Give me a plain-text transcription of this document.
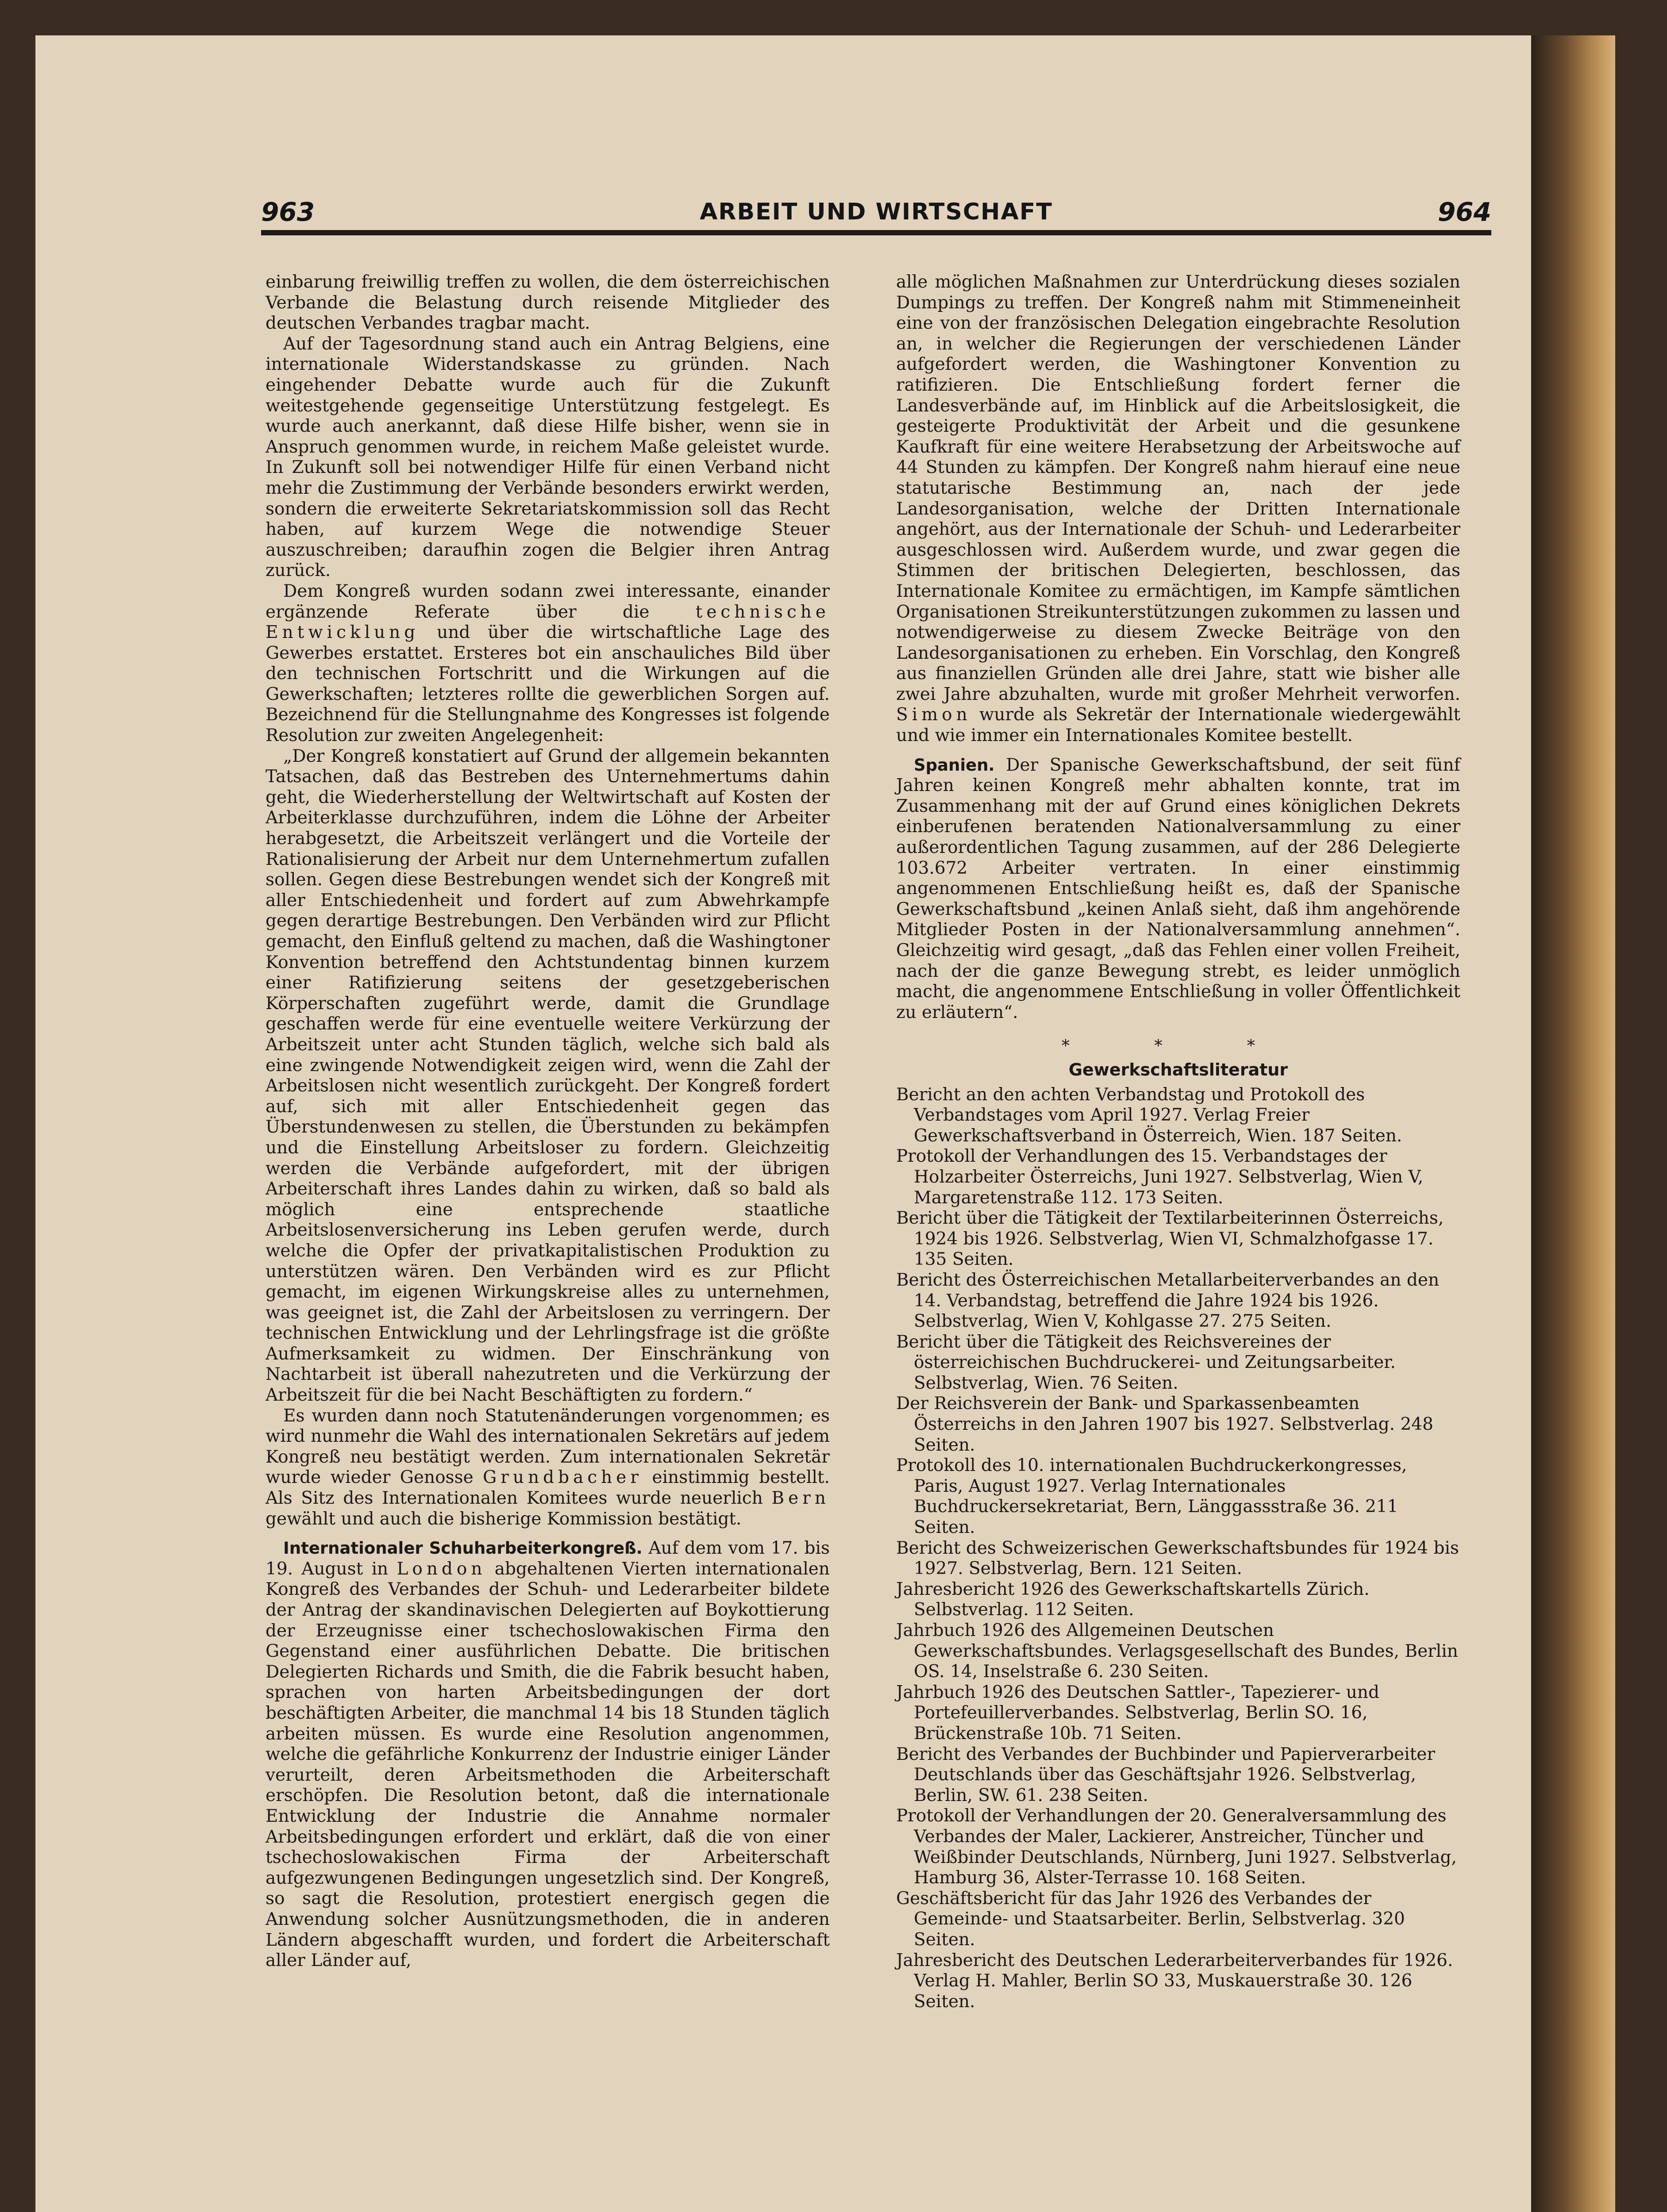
963	ARBEIT UND WIRTSCHAFT	964

einbarung freiwillig treffen zu wollen, die dem österreichischen Verbande die Belastung durch reisende Mitglieder des deutschen Verbandes tragbar macht.

Auf der Tagesordnung stand auch ein Antrag Belgiens, eine internationale Widerstandskasse zu gründen. Nach eingehender Debatte wurde auch für die Zukunft weitestgehende gegenseitige Unterstützung festgelegt. Es wurde auch anerkannt, daß diese Hilfe bisher, wenn sie in Anspruch genommen wurde, in reichem Maße geleistet wurde. In Zukunft soll bei notwendiger Hilfe für einen Verband nicht mehr die Zustimmung der Verbände besonders erwirkt werden, sondern die erweiterte Sekretariatskommission soll das Recht haben, auf kurzem Wege die notwendige Steuer auszuschreiben; daraufhin zogen die Belgier ihren Antrag zurück.

Dem Kongreß wurden sodann zwei interessante, einander ergänzende Referate über die technische Entwicklung und über die wirtschaftliche Lage des Gewerbes erstattet. Ersteres bot ein anschauliches Bild über den technischen Fortschritt und die Wirkungen auf die Gewerkschaften; letzteres rollte die gewerblichen Sorgen auf. Bezeichnend für die Stellungnahme des Kongresses ist folgende Resolution zur zweiten Angelegenheit:

„Der Kongreß konstatiert auf Grund der allgemein bekannten Tatsachen, daß das Bestreben des Unternehmertums dahin geht, die Wiederherstellung der Weltwirtschaft auf Kosten der Arbeiterklasse durchzuführen, indem die Löhne der Arbeiter herabgesetzt, die Arbeitszeit verlängert und die Vorteile der Rationalisierung der Arbeit nur dem Unternehmertum zufallen sollen. Gegen diese Bestrebungen wendet sich der Kongreß mit aller Entschiedenheit und fordert auf zum Abwehrkampfe gegen derartige Bestrebungen. Den Verbänden wird zur Pflicht gemacht, den Einfluß geltend zu machen, daß die Washingtoner Konvention betreffend den Achtstundentag binnen kurzem einer Ratifizierung seitens der gesetzgeberischen Körperschaften zugeführt werde, damit die Grundlage geschaffen werde für eine eventuelle weitere Verkürzung der Arbeitszeit unter acht Stunden täglich, welche sich bald als eine zwingende Notwendigkeit zeigen wird, wenn die Zahl der Arbeitslosen nicht wesentlich zurückgeht. Der Kongreß fordert auf, sich mit aller Entschiedenheit gegen das Überstundenwesen zu stellen, die Überstunden zu bekämpfen und die Einstellung Arbeitsloser zu fordern. Gleichzeitig werden die Verbände aufgefordert, mit der übrigen Arbeiterschaft ihres Landes dahin zu wirken, daß so bald als möglich eine entsprechende staatliche Arbeitslosenversicherung ins Leben gerufen werde, durch welche die Opfer der privatkapitalistischen Produktion zu unterstützen wären. Den Verbänden wird es zur Pflicht gemacht, im eigenen Wirkungskreise alles zu unternehmen, was geeignet ist, die Zahl der Arbeitslosen zu verringern. Der technischen Entwicklung und der Lehrlingsfrage ist die größte Aufmerksamkeit zu widmen. Der Einschränkung von Nachtarbeit ist überall nahezutreten und die Verkürzung der Arbeitszeit für die bei Nacht Beschäftigten zu fordern.“

Es wurden dann noch Statutenänderungen vorgenommen; es wird nunmehr die Wahl des internationalen Sekretärs auf jedem Kongreß neu bestätigt werden. Zum internationalen Sekretär wurde wieder Genosse Grundbacher einstimmig bestellt. Als Sitz des Internationalen Komitees wurde neuerlich Bern gewählt und auch die bisherige Kommission bestätigt.

Internationaler Schuharbeiterkongreß. Auf dem vom 17. bis 19. August in London abgehaltenen Vierten internationalen Kongreß des Verbandes der Schuh- und Lederarbeiter bildete der Antrag der skandinavischen Delegierten auf Boykottierung der Erzeugnisse einer tschechoslowakischen Firma den Gegenstand einer ausführlichen Debatte. Die britischen Delegierten Richards und Smith, die die Fabrik besucht haben, sprachen von harten Arbeitsbedingungen der dort beschäftigten Arbeiter, die manchmal 14 bis 18 Stunden täglich arbeiten müssen. Es wurde eine Resolution angenommen, welche die gefährliche Konkurrenz der Industrie einiger Länder verurteilt, deren Arbeitsmethoden die Arbeiterschaft erschöpfen. Die Resolution betont, daß die internationale Entwicklung der Industrie die Annahme normaler Arbeitsbedingungen erfordert und erklärt, daß die von einer tschechoslowakischen Firma der Arbeiterschaft aufgezwungenen Bedingungen ungesetzlich sind. Der Kongreß, so sagt die Resolution, protestiert energisch gegen die Anwendung solcher Ausnützungsmethoden, die in anderen Ländern abgeschafft wurden, und fordert die Arbeiterschaft aller Länder auf,

alle möglichen Maßnahmen zur Unterdrückung dieses sozialen Dumpings zu treffen. Der Kongreß nahm mit Stimmeneinheit eine von der französischen Delegation eingebrachte Resolution an, in welcher die Regierungen der verschiedenen Länder aufgefordert werden, die Washingtoner Konvention zu ratifizieren. Die Entschließung fordert ferner die Landesverbände auf, im Hinblick auf die Arbeitslosigkeit, die gesteigerte Produktivität der Arbeit und die gesunkene Kaufkraft für eine weitere Herabsetzung der Arbeitswoche auf 44 Stunden zu kämpfen. Der Kongreß nahm hierauf eine neue statutarische Bestimmung an, nach der jede Landesorganisation, welche der Dritten Internationale angehört, aus der Internationale der Schuh- und Lederarbeiter ausgeschlossen wird. Außerdem wurde, und zwar gegen die Stimmen der britischen Delegierten, beschlossen, das Internationale Komitee zu ermächtigen, im Kampfe sämtlichen Organisationen Streikunterstützungen zukommen zu lassen und notwendigerweise zu diesem Zwecke Beiträge von den Landesorganisationen zu erheben. Ein Vorschlag, den Kongreß aus finanziellen Gründen alle drei Jahre, statt wie bisher alle zwei Jahre abzuhalten, wurde mit großer Mehrheit verworfen. Simon wurde als Sekretär der Internationale wiedergewählt und wie immer ein Internationales Komitee bestellt.

Spanien. Der Spanische Gewerkschaftsbund, der seit fünf Jahren keinen Kongreß mehr abhalten konnte, trat im Zusammenhang mit der auf Grund eines königlichen Dekrets einberufenen beratenden Nationalversammlung zu einer außerordentlichen Tagung zusammen, auf der 286 Delegierte 103.672 Arbeiter vertraten. In einer einstimmig angenommenen Entschließung heißt es, daß der Spanische Gewerkschaftsbund „keinen Anlaß sieht, daß ihm angehörende Mitglieder Posten in der Nationalversammlung annehmen“. Gleichzeitig wird gesagt, „daß das Fehlen einer vollen Freiheit, nach der die ganze Bewegung strebt, es leider unmöglich macht, die angenommene Entschließung in voller Öffentlichkeit zu erläutern“.

* * *
Gewerkschaftsliteratur

Bericht an den achten Verbandstag und Protokoll des Verbandstages vom April 1927. Verlag Freier Gewerkschaftsverband in Österreich, Wien. 187 Seiten.

Protokoll der Verhandlungen des 15. Verbandstages der Holzarbeiter Österreichs, Juni 1927. Selbstverlag, Wien V, Margaretenstraße 112. 173 Seiten.

Bericht über die Tätigkeit der Textilarbeiterinnen Österreichs, 1924 bis 1926. Selbstverlag, Wien VI, Schmalzhofgasse 17. 135 Seiten.

Bericht des Österreichischen Metallarbeiterverbandes an den 14. Verbandstag, betreffend die Jahre 1924 bis 1926. Selbstverlag, Wien V, Kohlgasse 27. 275 Seiten.

Bericht über die Tätigkeit des Reichsvereines der österreichischen Buchdruckerei- und Zeitungsarbeiter. Selbstverlag, Wien. 76 Seiten.

Der Reichsverein der Bank- und Sparkassenbeamten Österreichs in den Jahren 1907 bis 1927. Selbstverlag. 248 Seiten.

Protokoll des 10. internationalen Buchdruckerkongresses, Paris, August 1927. Verlag Internationales Buchdruckersekretariat, Bern, Länggassstraße 36. 211 Seiten.

Bericht des Schweizerischen Gewerkschaftsbundes für 1924 bis 1927. Selbstverlag, Bern. 121 Seiten.

Jahresbericht 1926 des Gewerkschaftskartells Zürich. Selbstverlag. 112 Seiten.

Jahrbuch 1926 des Allgemeinen Deutschen Gewerkschaftsbundes. Verlagsgesellschaft des Bundes, Berlin OS. 14, Inselstraße 6. 230 Seiten.

Jahrbuch 1926 des Deutschen Sattler-, Tapezierer- und Portefeuillerverbandes. Selbstverlag, Berlin SO. 16, Brückenstraße 10b. 71 Seiten.

Bericht des Verbandes der Buchbinder und Papierverarbeiter Deutschlands über das Geschäftsjahr 1926. Selbstverlag, Berlin, SW. 61. 238 Seiten.

Protokoll der Verhandlungen der 20. Generalversammlung des Verbandes der Maler, Lackierer, Anstreicher, Tüncher und Weißbinder Deutschlands, Nürnberg, Juni 1927. Selbstverlag, Hamburg 36, Alster-Terrasse 10. 168 Seiten.

Geschäftsbericht für das Jahr 1926 des Verbandes der Gemeinde- und Staatsarbeiter. Berlin, Selbstverlag. 320 Seiten.

Jahresbericht des Deutschen Lederarbeiterverbandes für 1926. Verlag H. Mahler, Berlin SO 33, Muskauerstraße 30. 126 Seiten.
